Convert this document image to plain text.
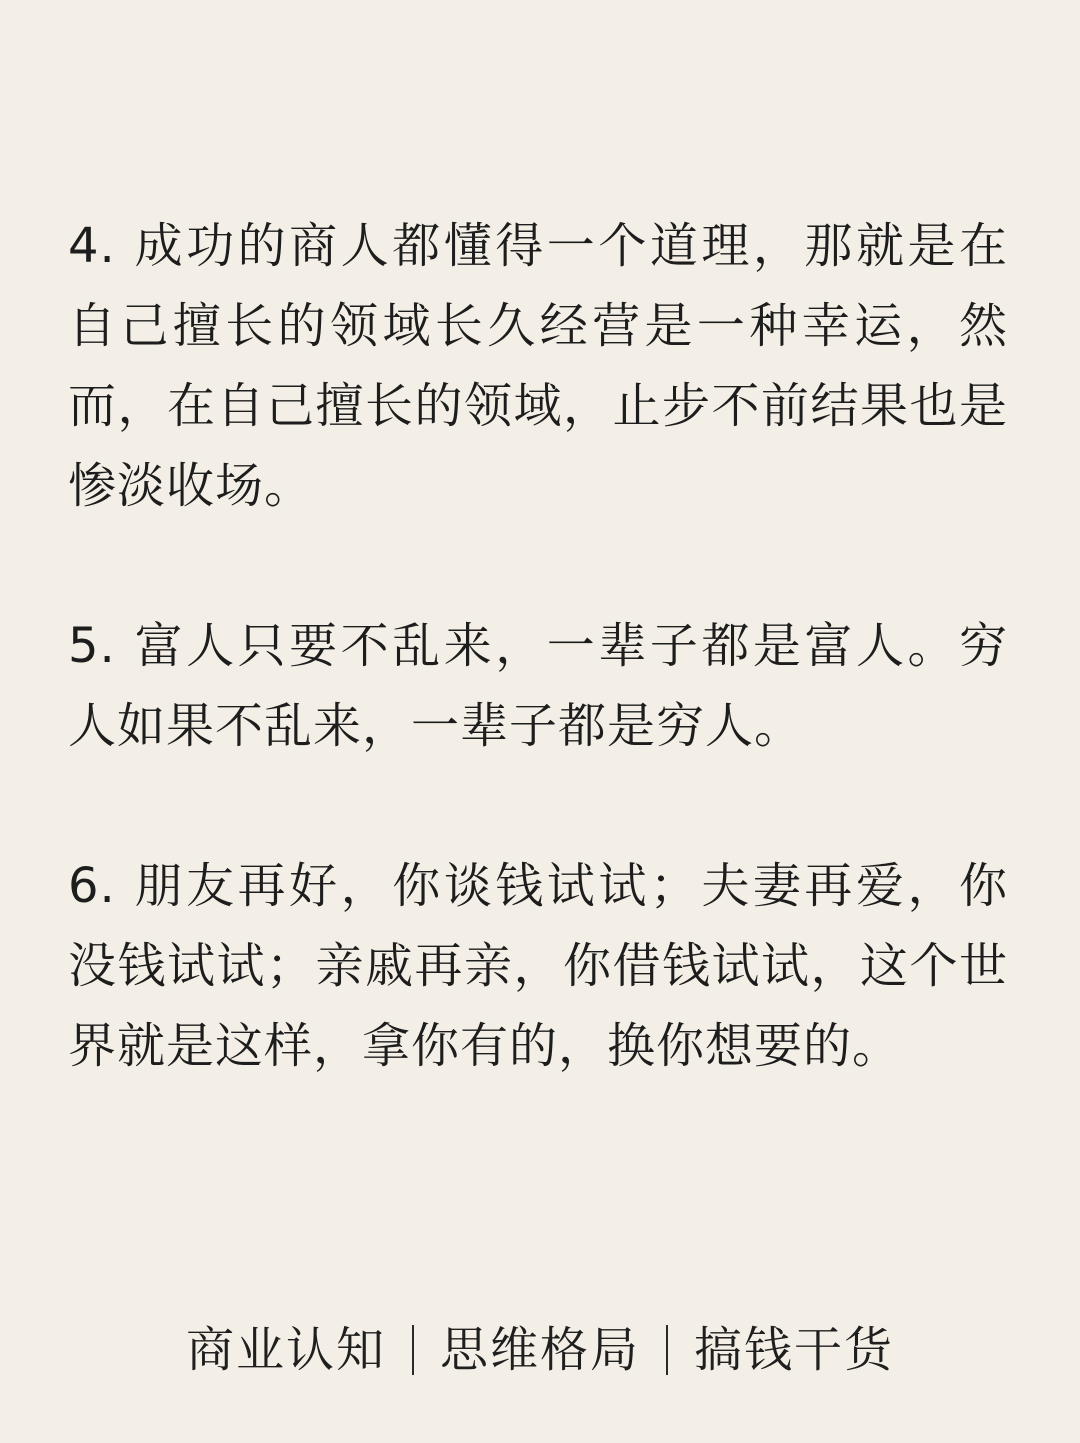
4. 成功的商人都懂得一个道理，那就是在自己擅长的领域长久经营是一种幸运，然而，在自己擅长的领域，止步不前结果也是惨淡收场。

5. 富人只要不乱来，一辈子都是富人。穷人如果不乱来，一辈子都是穷人。

6. 朋友再好，你谈钱试试；夫妻再爱，你没钱试试；亲戚再亲，你借钱试试，这个世界就是这样，拿你有的，换你想要的。

商业认知 思维格局 搞钱干货
